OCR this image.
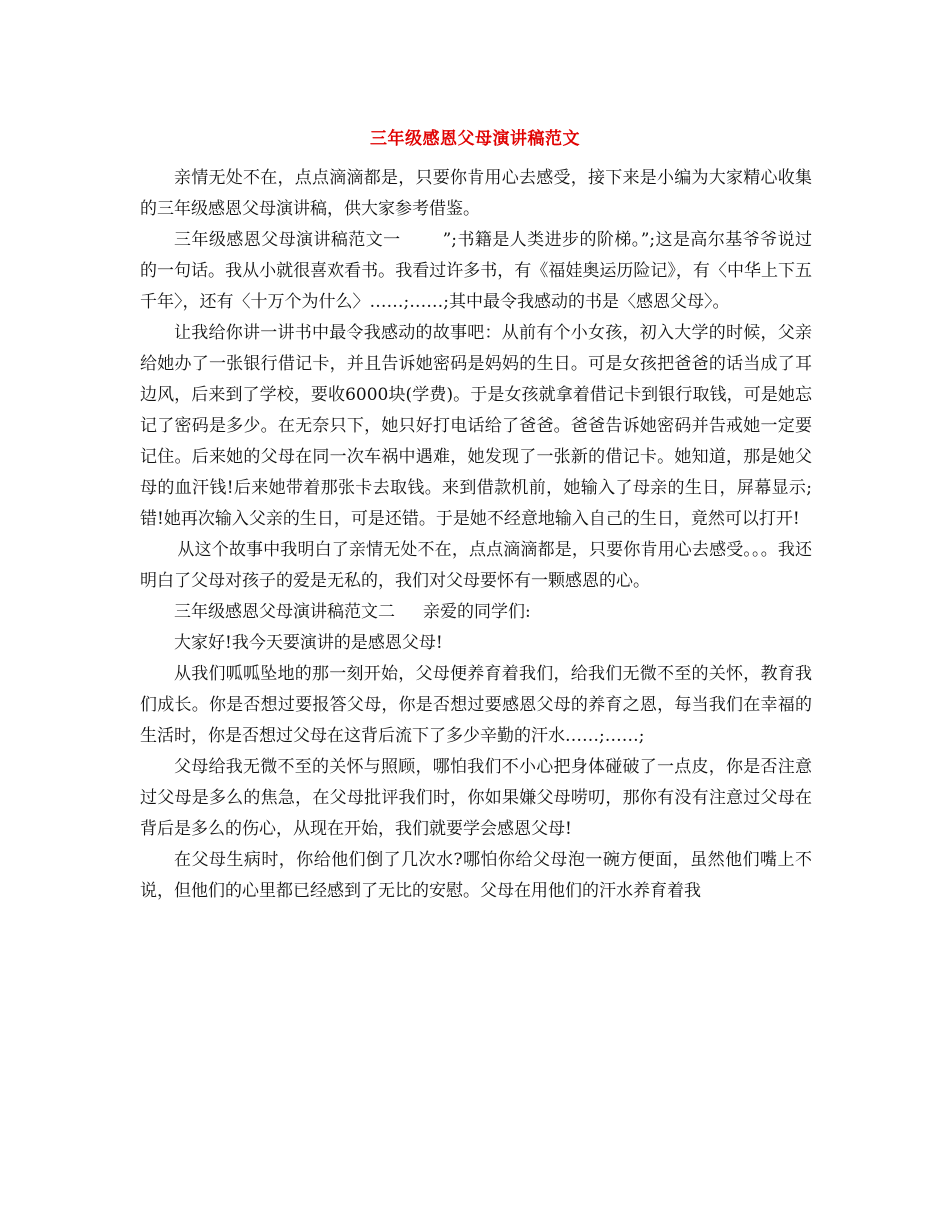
三年级感恩父母演讲稿范文

亲情无处不在，点点滴滴都是，只要你肯用心去感受，接下来是小编为大家精心收集的三年级感恩父母演讲稿，供大家参考借鉴。

三年级感恩父母演讲稿范文一 ”;书籍是人类进步的阶梯。”;这是高尔基爷爷说过的一句话。我从小就很喜欢看书。我看过许多书，有《福娃奥运历险记》，有〈中华上下五千年〉，还有〈十万个为什么〉……;……;其中最令我感动的书是〈感恩父母〉。

让我给你讲一讲书中最令我感动的故事吧：从前有个小女孩，初入大学的时候，父亲给她办了一张银行借记卡，并且告诉她密码是妈妈的生日。可是女孩把爸爸的话当成了耳边风，后来到了学校，要收6000块(学费)。于是女孩就拿着借记卡到银行取钱，可是她忘记了密码是多少。在无奈只下，她只好打电话给了爸爸。爸爸告诉她密码并告戒她一定要记住。后来她的父母在同一次车祸中遇难，她发现了一张新的借记卡。她知道，那是她父母的血汗钱!后来她带着那张卡去取钱。来到借款机前，她输入了母亲的生日，屏幕显示;错!她再次输入父亲的生日，可是还错。于是她不经意地输入自己的生日，竟然可以打开!

从这个故事中我明白了亲情无处不在，点点滴滴都是，只要你肯用心去感受。。。我还明白了父母对孩子的爱是无私的，我们对父母要怀有一颗感恩的心。

三年级感恩父母演讲稿范文二 亲爱的同学们:

大家好!我今天要演讲的是感恩父母!

从我们呱呱坠地的那一刻开始，父母便养育着我们，给我们无微不至的关怀，教育我们成长。你是否想过要报答父母，你是否想过要感恩父母的养育之恩，每当我们在幸福的生活时，你是否想过父母在这背后流下了多少辛勤的汗水……;……;

父母给我无微不至的关怀与照顾，哪怕我们不小心把身体碰破了一点皮，你是否注意过父母是多么的焦急，在父母批评我们时，你如果嫌父母唠叨，那你有没有注意过父母在背后是多么的伤心，从现在开始，我们就要学会感恩父母!

在父母生病时，你给他们倒了几次水?哪怕你给父母泡一碗方便面，虽然他们嘴上不说，但他们的心里都已经感到了无比的安慰。父母在用他们的汗水养育着我
